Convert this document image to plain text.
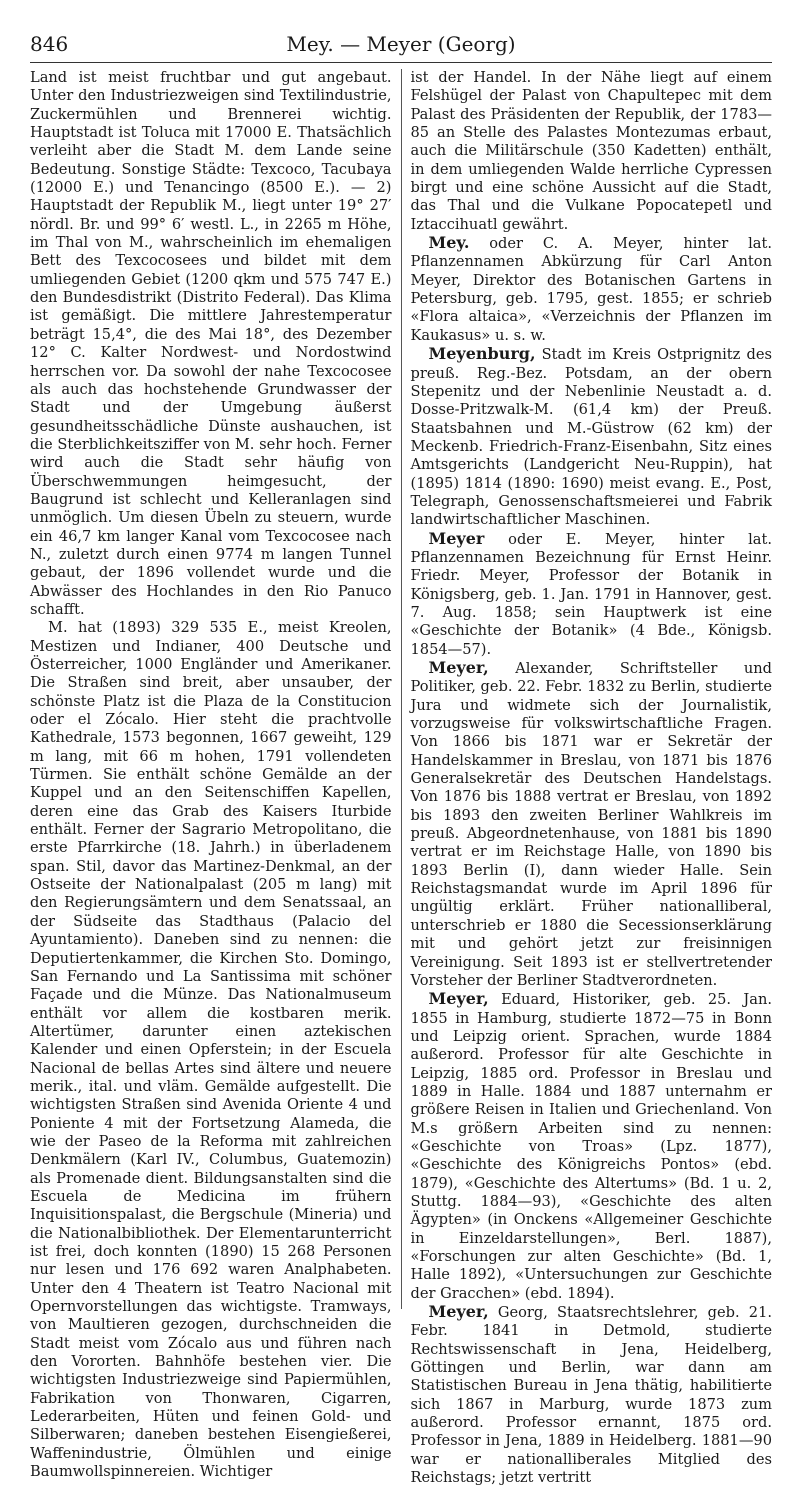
846	Mey. — Meyer (Georg)

Land ist meist fruchtbar und gut angebaut. Unter den Industriezweigen sind Textilindustrie, Zuckermühlen und Brennerei wichtig. Hauptstadt ist Toluca mit 17000 E. Thatsächlich verleiht aber die Stadt M. dem Lande seine Bedeutung. Sonstige Städte: Texcoco, Tacubaya (12000 E.) und Tenancingo (8500 E.). — 2) Hauptstadt der Republik M., liegt unter 19° 27′ nördl. Br. und 99° 6′ westl. L., in 2265 m Höhe, im Thal von M., wahrscheinlich im ehemaligen Bett des Texcocosees und bildet mit dem umliegenden Gebiet (1200 qkm und 575 747 E.) den Bundesdistrikt (Distrito Federal). Das Klima ist gemäßigt. Die mittlere Jahrestemperatur beträgt 15,4°, die des Mai 18°, des Dezember 12° C. Kalter Nordwest- und Nordostwind herrschen vor. Da sowohl der nahe Texcocosee als auch das hochstehende Grundwasser der Stadt und der Umgebung äußerst gesundheitsschädliche Dünste aushauchen, ist die Sterblichkeitsziffer von M. sehr hoch. Ferner wird auch die Stadt sehr häufig von Überschwemmungen heimgesucht, der Baugrund ist schlecht und Kelleranlagen sind unmöglich. Um diesen Übeln zu steuern, wurde ein 46,7 km langer Kanal vom Texcocosee nach N., zuletzt durch einen 9774 m langen Tunnel gebaut, der 1896 vollendet wurde und die Abwässer des Hochlandes in den Rio Panuco schafft.

M. hat (1893) 329 535 E., meist Kreolen, Mestizen und Indianer, 400 Deutsche und Österreicher, 1000 Engländer und Amerikaner. Die Straßen sind breit, aber unsauber, der schönste Platz ist die Plaza de la Constitucion oder el Zócalo. Hier steht die prachtvolle Kathedrale, 1573 begonnen, 1667 geweiht, 129 m lang, mit 66 m hohen, 1791 vollendeten Türmen. Sie enthält schöne Gemälde an der Kuppel und an den Seitenschiffen Kapellen, deren eine das Grab des Kaisers Iturbide enthält. Ferner der Sagrario Metropolitano, die erste Pfarrkirche (18. Jahrh.) in überladenem span. Stil, davor das Martinez-Denkmal, an der Ostseite der Nationalpalast (205 m lang) mit den Regierungsämtern und dem Senatssaal, an der Südseite das Stadthaus (Palacio del Ayuntamiento). Daneben sind zu nennen: die Deputiertenkammer, die Kirchen Sto. Domingo, San Fernando und La Santissima mit schöner Façade und die Münze. Das Nationalmuseum enthält vor allem die kostbaren merik. Altertümer, darunter einen aztekischen Kalender und einen Opferstein; in der Escuela Nacional de bellas Artes sind ältere und neuere merik., ital. und vläm. Gemälde aufgestellt. Die wichtigsten Straßen sind Avenida Oriente 4 und Poniente 4 mit der Fortsetzung Alameda, die wie der Paseo de la Reforma mit zahlreichen Denkmälern (Karl IV., Columbus, Guatemozin) als Promenade dient. Bildungsanstalten sind die Escuela de Medicina im frühern Inquisitionspalast, die Bergschule (Mineria) und die Nationalbibliothek. Der Elementarunterricht ist frei, doch konnten (1890) 15 268 Personen nur lesen und 176 692 waren Analphabeten. Unter den 4 Theatern ist Teatro Nacional mit Opernvorstellungen das wichtigste. Tramways, von Maultieren gezogen, durchschneiden die Stadt meist vom Zócalo aus und führen nach den Vororten. Bahnhöfe bestehen vier. Die wichtigsten Industriezweige sind Papiermühlen, Fabrikation von Thonwaren, Cigarren, Lederarbeiten, Hüten und feinen Gold- und Silberwaren; daneben bestehen Eisengießerei, Waffenindustrie, Ölmühlen und einige Baumwollspinnereien. Wichtiger

ist der Handel. In der Nähe liegt auf einem Felshügel der Palast von Chapultepec mit dem Palast des Präsidenten der Republik, der 1783—85 an Stelle des Palastes Montezumas erbaut, auch die Militärschule (350 Kadetten) enthält, in dem umliegenden Walde herrliche Cypressen birgt und eine schöne Aussicht auf die Stadt, das Thal und die Vulkane Popocatepetl und Iztaccihuatl gewährt.

Mey. oder C. A. Meyer, hinter lat. Pflanzennamen Abkürzung für Carl Anton Meyer, Direktor des Botanischen Gartens in Petersburg, geb. 1795, gest. 1855; er schrieb «Flora altaica», «Verzeichnis der Pflanzen im Kaukasus» u. s. w.

Meyenburg, Stadt im Kreis Ostprignitz des preuß. Reg.-Bez. Potsdam, an der obern Stepenitz und der Nebenlinie Neustadt a. d. Dosse-Pritzwalk-M. (61,4 km) der Preuß. Staatsbahnen und M.-Güstrow (62 km) der Meckenb. Friedrich-Franz-Eisenbahn, Sitz eines Amtsgerichts (Landgericht Neu-Ruppin), hat (1895) 1814 (1890: 1690) meist evang. E., Post, Telegraph, Genossenschaftsmeierei und Fabrik landwirtschaftlicher Maschinen.

Meyer oder E. Meyer, hinter lat. Pflanzennamen Bezeichnung für Ernst Heinr. Friedr. Meyer, Professor der Botanik in Königsberg, geb. 1. Jan. 1791 in Hannover, gest. 7. Aug. 1858; sein Hauptwerk ist eine «Geschichte der Botanik» (4 Bde., Königsb. 1854—57).

Meyer, Alexander, Schriftsteller und Politiker, geb. 22. Febr. 1832 zu Berlin, studierte Jura und widmete sich der Journalistik, vorzugsweise für volkswirtschaftliche Fragen. Von 1866 bis 1871 war er Sekretär der Handelskammer in Breslau, von 1871 bis 1876 Generalsekretär des Deutschen Handelstags. Von 1876 bis 1888 vertrat er Breslau, von 1892 bis 1893 den zweiten Berliner Wahlkreis im preuß. Abgeordnetenhause, von 1881 bis 1890 vertrat er im Reichstage Halle, von 1890 bis 1893 Berlin (I), dann wieder Halle. Sein Reichstagsmandat wurde im April 1896 für ungültig erklärt. Früher nationalliberal, unterschrieb er 1880 die Secessionserklärung mit und gehört jetzt zur freisinnigen Vereinigung. Seit 1893 ist er stellvertretender Vorsteher der Berliner Stadtverordneten.

Meyer, Eduard, Historiker, geb. 25. Jan. 1855 in Hamburg, studierte 1872—75 in Bonn und Leipzig orient. Sprachen, wurde 1884 außerord. Professor für alte Geschichte in Leipzig, 1885 ord. Professor in Breslau und 1889 in Halle. 1884 und 1887 unternahm er größere Reisen in Italien und Griechenland. Von M.s größern Arbeiten sind zu nennen: «Geschichte von Troas» (Lpz. 1877), «Geschichte des Königreichs Pontos» (ebd. 1879), «Geschichte des Altertums» (Bd. 1 u. 2, Stuttg. 1884—93), «Geschichte des alten Ägypten» (in Onckens «Allgemeiner Geschichte in Einzeldarstellungen», Berl. 1887), «Forschungen zur alten Geschichte» (Bd. 1, Halle 1892), «Untersuchungen zur Geschichte der Gracchen» (ebd. 1894).

Meyer, Georg, Staatsrechtslehrer, geb. 21. Febr. 1841 in Detmold, studierte Rechtswissenschaft in Jena, Heidelberg, Göttingen und Berlin, war dann am Statistischen Bureau in Jena thätig, habilitierte sich 1867 in Marburg, wurde 1873 zum außerord. Professor ernannt, 1875 ord. Professor in Jena, 1889 in Heidelberg. 1881—90 war er nationalliberales Mitglied des Reichstags; jetzt vertritt
